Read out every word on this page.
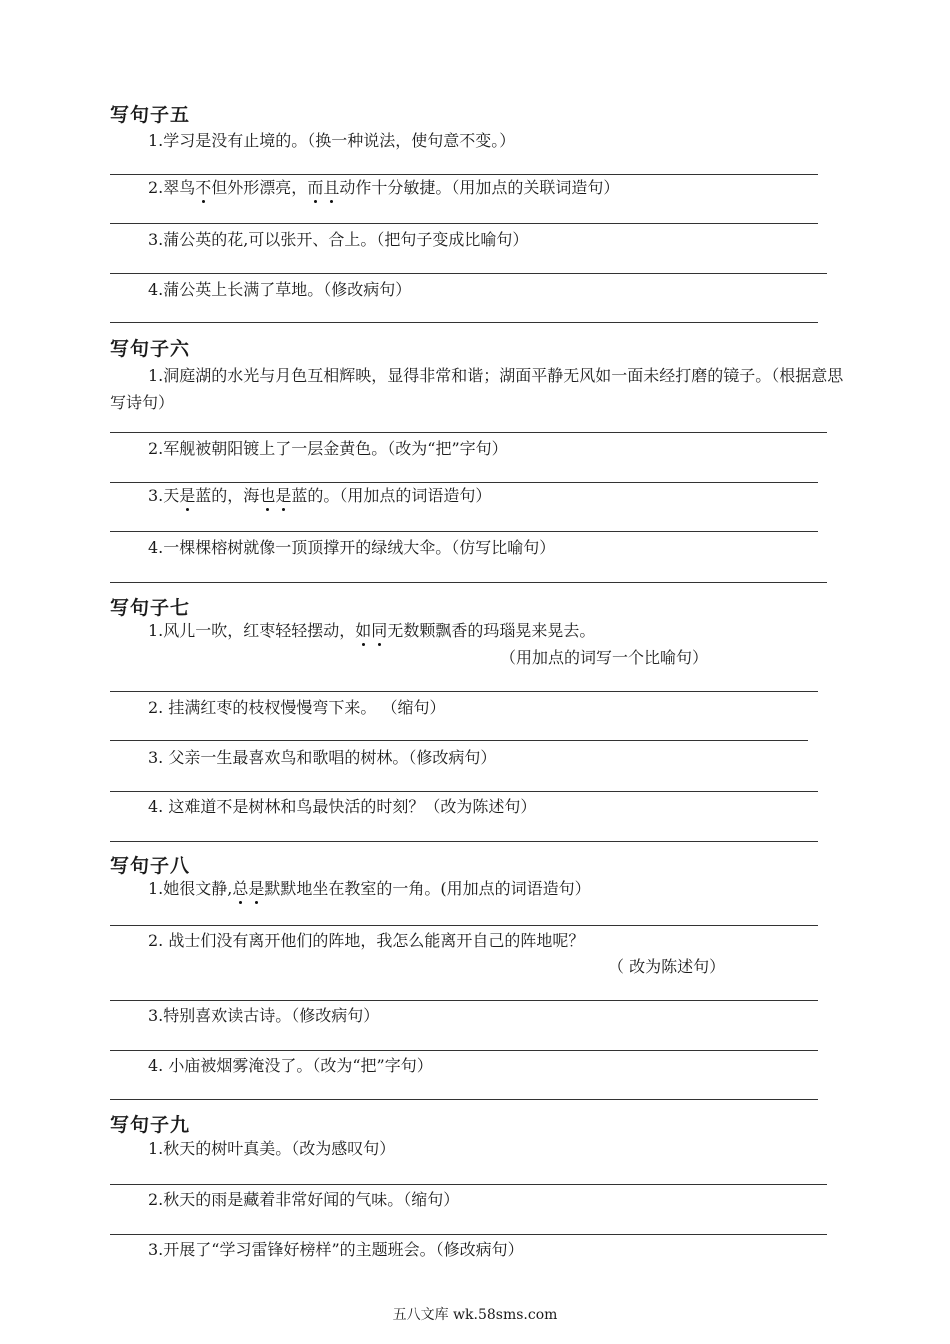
写句子五
1.学习是没有止境的。（换一种说法，使句意不变。）
2.翠鸟不但外形漂亮，而且动作十分敏捷。（用加点的关联词造句）
3.蒲公英的花,可以张开、合上。（把句子变成比喻句）
4.蒲公英上长满了草地。（修改病句）
写句子六
1.洞庭湖的水光与月色互相辉映，显得非常和谐；湖面平静无风如一面未经打磨的镜子。（根据意思写诗句）
2.军舰被朝阳镀上了一层金黄色。（改为“把”字句）
3.天是蓝的，海也是蓝的。（用加点的词语造句）
4.一棵棵榕树就像一顶顶撑开的绿绒大伞。（仿写比喻句）
写句子七
1.风儿一吹，红枣轻轻摆动，如同无数颗飘香的玛瑙晃来晃去。
（用加点的词写一个比喻句）
2. 挂满红枣的枝杈慢慢弯下来。 （缩句）
3. 父亲一生最喜欢鸟和歌唱的树林。（修改病句）
4. 这难道不是树林和鸟最快活的时刻？（改为陈述句）
写句子八
1.她很文静,总是默默地坐在教室的一角。(用加点的词语造句）
2. 战士们没有离开他们的阵地，我怎么能离开自己的阵地呢？
（ 改为陈述句）
3.特别喜欢读古诗。（修改病句）
4. 小庙被烟雾淹没了。（改为“把”字句）
写句子九
1.秋天的树叶真美。（改为感叹句）
2.秋天的雨是藏着非常好闻的气味。（缩句）
3.开展了“学习雷锋好榜样”的主题班会。（修改病句）
五八文库 wk.58sms.com
